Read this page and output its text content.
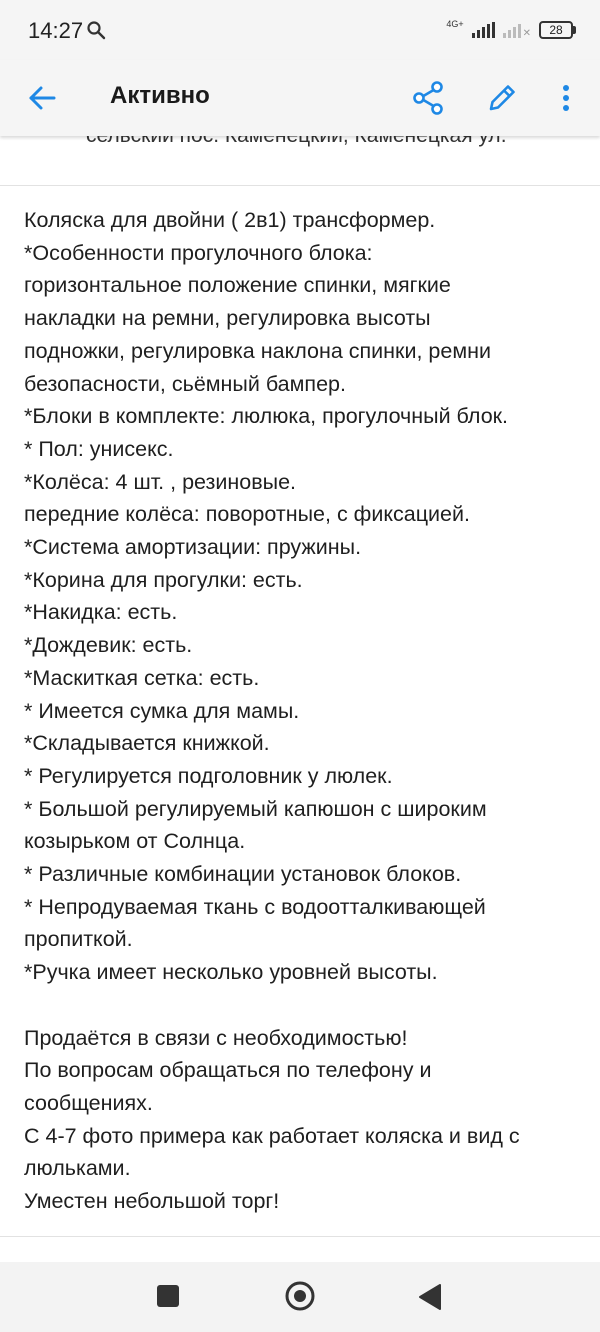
14:27	4G+
✕	28
Активно
Коляска для двойни ( 2в1) трансформер.
*Особенности прогулочного блока:
горизонтальное положение спинки, мягкие
накладки на ремни, регулировка высоты
подножки, регулировка наклона спинки, ремни
безопасности, сьёмный бампер.
*Блоки в комплекте: люлюка, прогулочный блок.
* Пол: унисекс.
*Колёса: 4 шт. , резиновые.
передние колёса: поворотные, с фиксацией.
*Система амортизации: пружины.
*Корина для прогулки: есть.
*Накидка: есть.
*Дождевик: есть.
*Маскиткая сетка: есть.
* Имеется сумка для мамы.
*Складывается книжкой.
* Регулируется подголовник у люлек.
* Большой регулируемый капюшон с широким
козырьком от Солнца.
* Различные комбинации установок блоков.
* Непродуваемая ткань с водоотталкивающей
пропиткой.
*Ручка имеет несколько уровней высоты.
Продаётся в связи с необходимостью!
По вопросам обращаться по телефону и
сообщениях.
С 4-7 фото примера как работает коляска и вид с
люльками.
Уместен небольшой торг!
